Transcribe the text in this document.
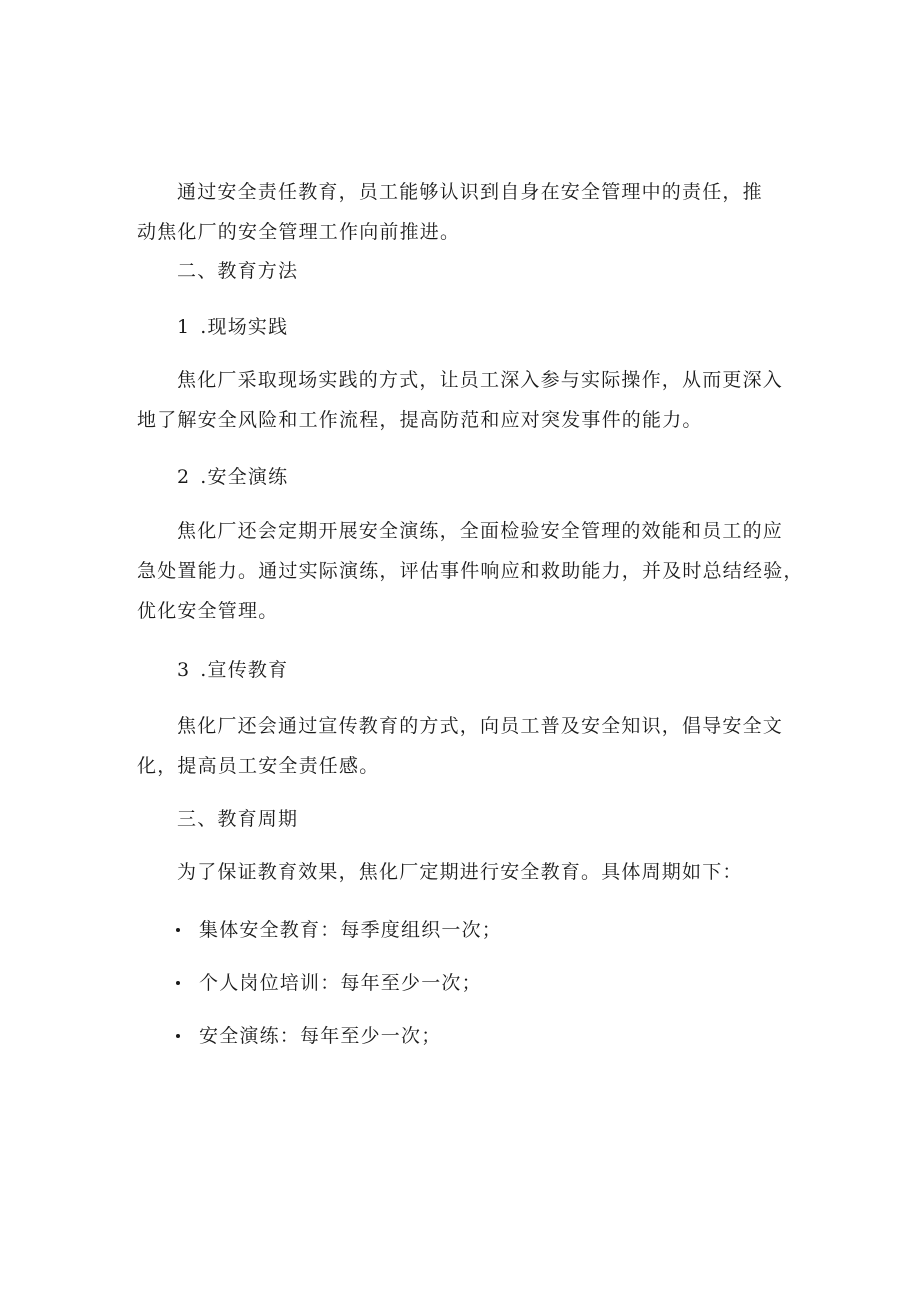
通过安全责任教育，员工能够认识到自身在安全管理中的责任，推
动焦化厂的安全管理工作向前推进。
二、教育方法
1 .现场实践
焦化厂采取现场实践的方式，让员工深入参与实际操作，从而更深入
地了解安全风险和工作流程，提高防范和应对突发事件的能力。
2 .安全演练
焦化厂还会定期开展安全演练，全面检验安全管理的效能和员工的应
急处置能力。通过实际演练，评估事件响应和救助能力，并及时总结经验，
优化安全管理。
3 .宣传教育
焦化厂还会通过宣传教育的方式，向员工普及安全知识，倡导安全文
化，提高员工安全责任感。
三、教育周期
为了保证教育效果，焦化厂定期进行安全教育。具体周期如下：
集体安全教育：每季度组织一次；
个人岗位培训：每年至少一次；
安全演练：每年至少一次；
